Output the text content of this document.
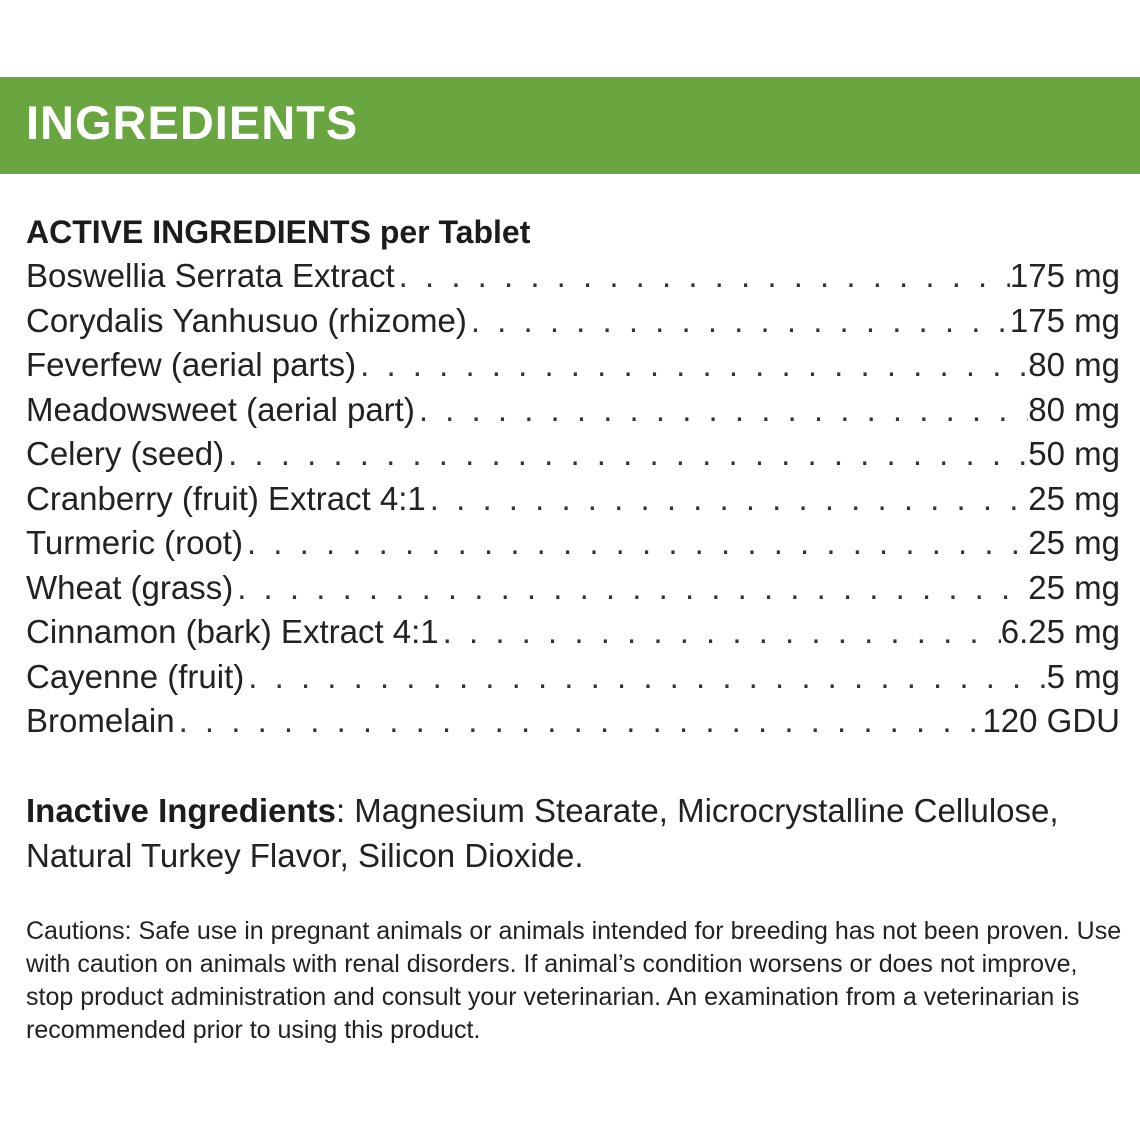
INGREDIENTS
ACTIVE INGREDIENTS per Tablet
Boswellia Serrata Extract . . .	175 mg
Corydalis Yanhusuo (rhizome) . . .	175 mg
Feverfew (aerial parts) . . .	80 mg
Meadowsweet (aerial part) . . .	80 mg
Celery (seed) . . .	50 mg
Cranberry (fruit) Extract 4:1 . . .	25 mg
Turmeric (root) . . .	25 mg
Wheat (grass) . . .	25 mg
Cinnamon (bark) Extract 4:1 . . .	6.25 mg
Cayenne (fruit) . . .	5 mg
Bromelain . . .	120 GDU
Inactive Ingredients: Magnesium Stearate, Microcrystalline Cellulose, Natural Turkey Flavor, Silicon Dioxide.
Cautions: Safe use in pregnant animals or animals intended for breeding has not been proven. Use with caution on animals with renal disorders. If animal’s condition worsens or does not improve, stop product administration and consult your veterinarian. An examination from a veterinarian is recommended prior to using this product.
